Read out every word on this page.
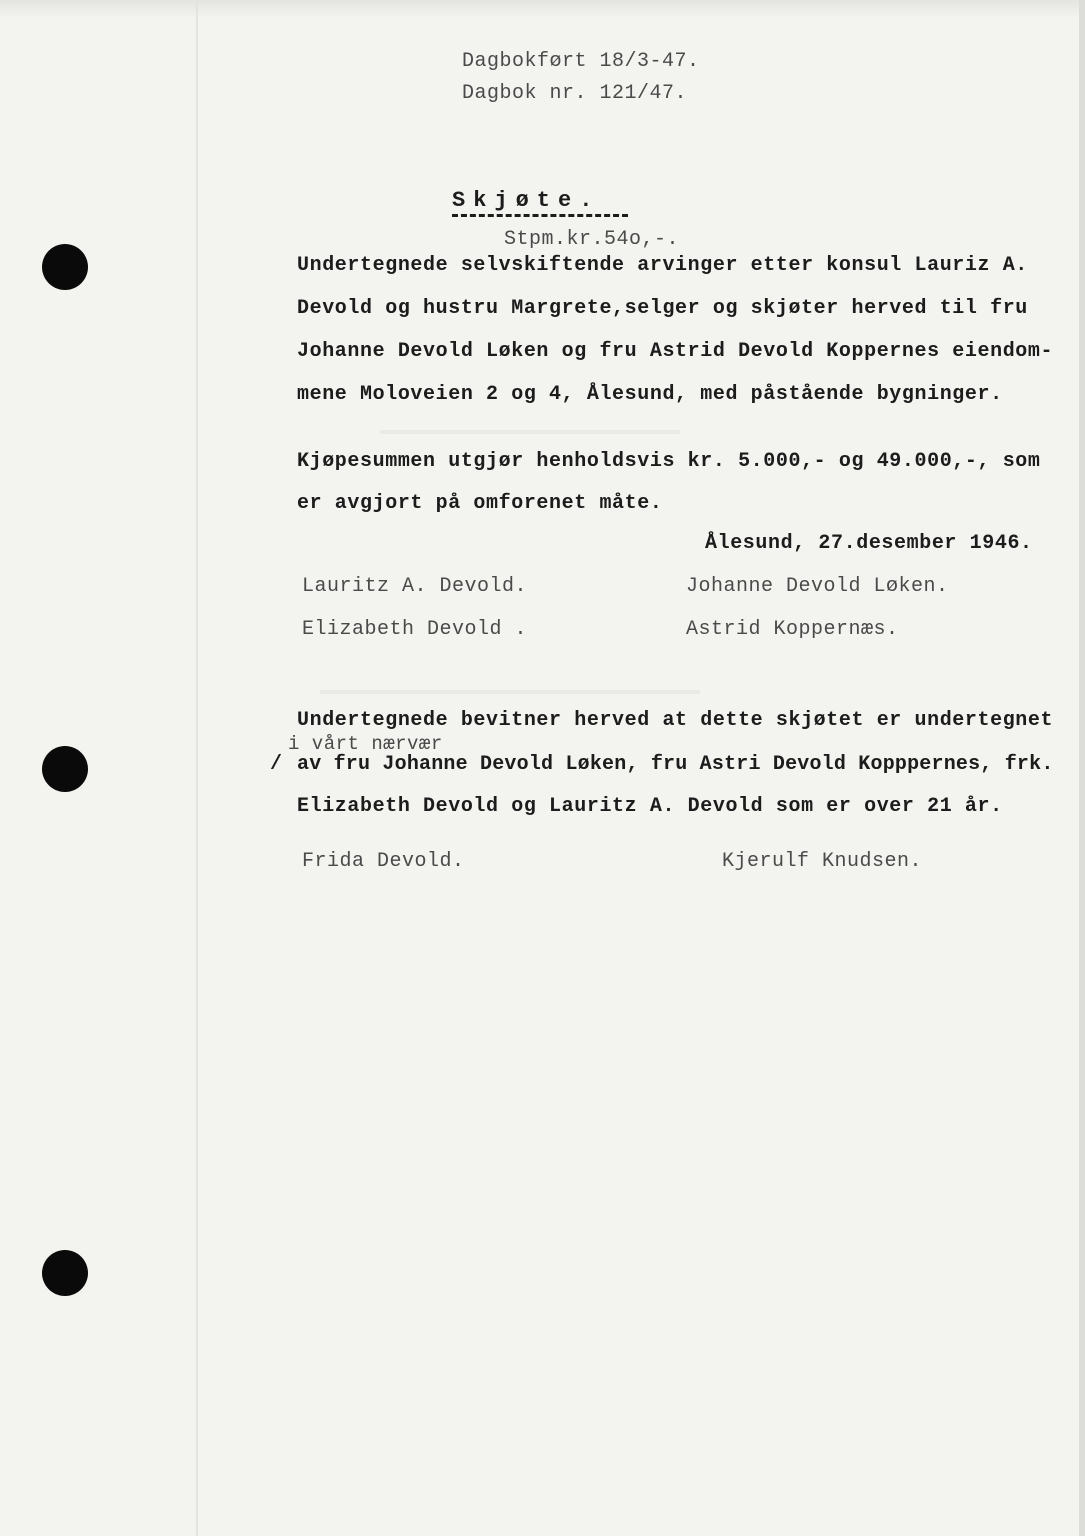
Dagbokført 18/3-47.

Dagbok nr. 121/47.

Skjøte.

Stpm.kr.54o,-.

Undertegnede selvskiftende arvinger etter konsul Lauriz A.

Devold og hustru Margrete,selger og skjøter herved til fru

Johanne Devold Løken og fru Astrid Devold Koppernes eiendom-

mene Moloveien 2 og 4, Ålesund, med påstående bygninger.

Kjøpesummen utgjør henholdsvis kr. 5.000,- og 49.000,-, som

er avgjort på omforenet måte.

Ålesund, 27.desember 1946.

Lauritz A. Devold.	Johanne Devold Løken.

Elizabeth Devold .	Astrid Koppernæs.

Undertegnede bevitner herved at dette skjøtet er undertegnet

i vårt nærvær

/ av fru Johanne Devold Løken, fru Astri Devold Kopppernes, frk.

Elizabeth Devold og Lauritz A. Devold som er over 21 år.

Frida Devold.	Kjerulf Knudsen.
